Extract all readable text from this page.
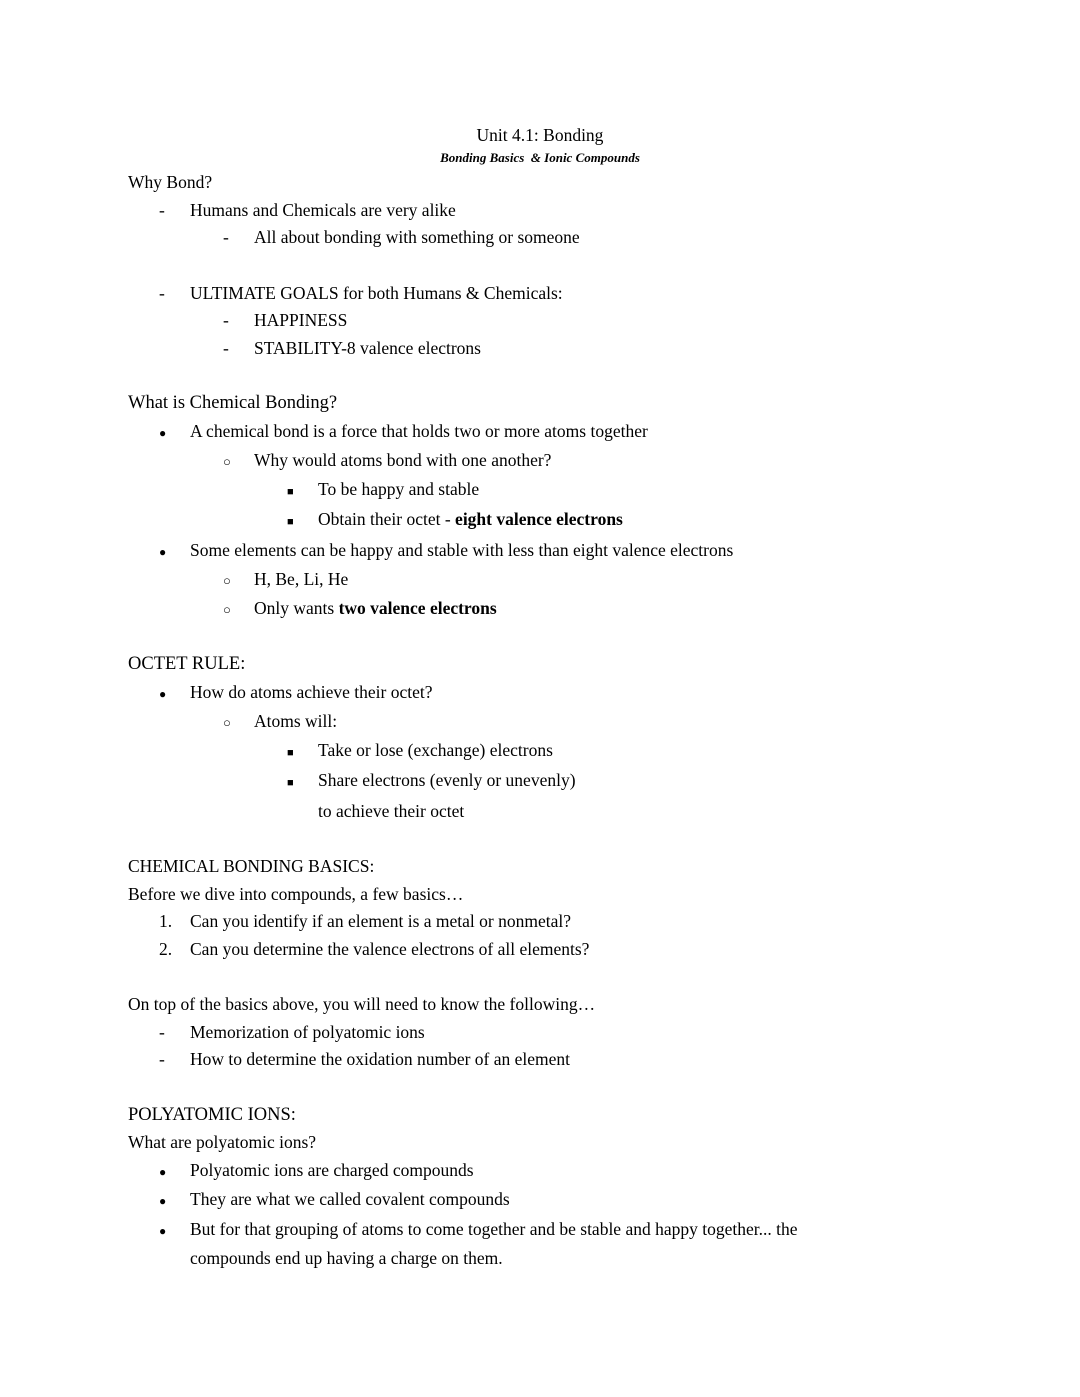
Unit 4.1: Bonding
Bonding Basics  & Ionic Compounds
Why Bond?
- Humans and Chemicals are very alike
- All about bonding with something or someone
- ULTIMATE GOALS for both Humans & Chemicals:
- HAPPINESS
- STABILITY-8 valence electrons
What is Chemical Bonding?
● A chemical bond is a force that holds two or more atoms together
○ Why would atoms bond with one another?
■ To be happy and stable
■ Obtain their octet - eight valence electrons
● Some elements can be happy and stable with less than eight valence electrons
○ H, Be, Li, He
○ Only wants two valence electrons
OCTET RULE:
● How do atoms achieve their octet?
○ Atoms will:
■ Take or lose (exchange) electrons
■ Share electrons (evenly or unevenly)
to achieve their octet
CHEMICAL BONDING BASICS:
Before we dive into compounds, a few basics…
1. Can you identify if an element is a metal or nonmetal?
2. Can you determine the valence electrons of all elements?
On top of the basics above, you will need to know the following…
- Memorization of polyatomic ions
- How to determine the oxidation number of an element
POLYATOMIC IONS:
What are polyatomic ions?
● Polyatomic ions are charged compounds
● They are what we called covalent compounds
● But for that grouping of atoms to come together and be stable and happy together... the
compounds end up having a charge on them.
